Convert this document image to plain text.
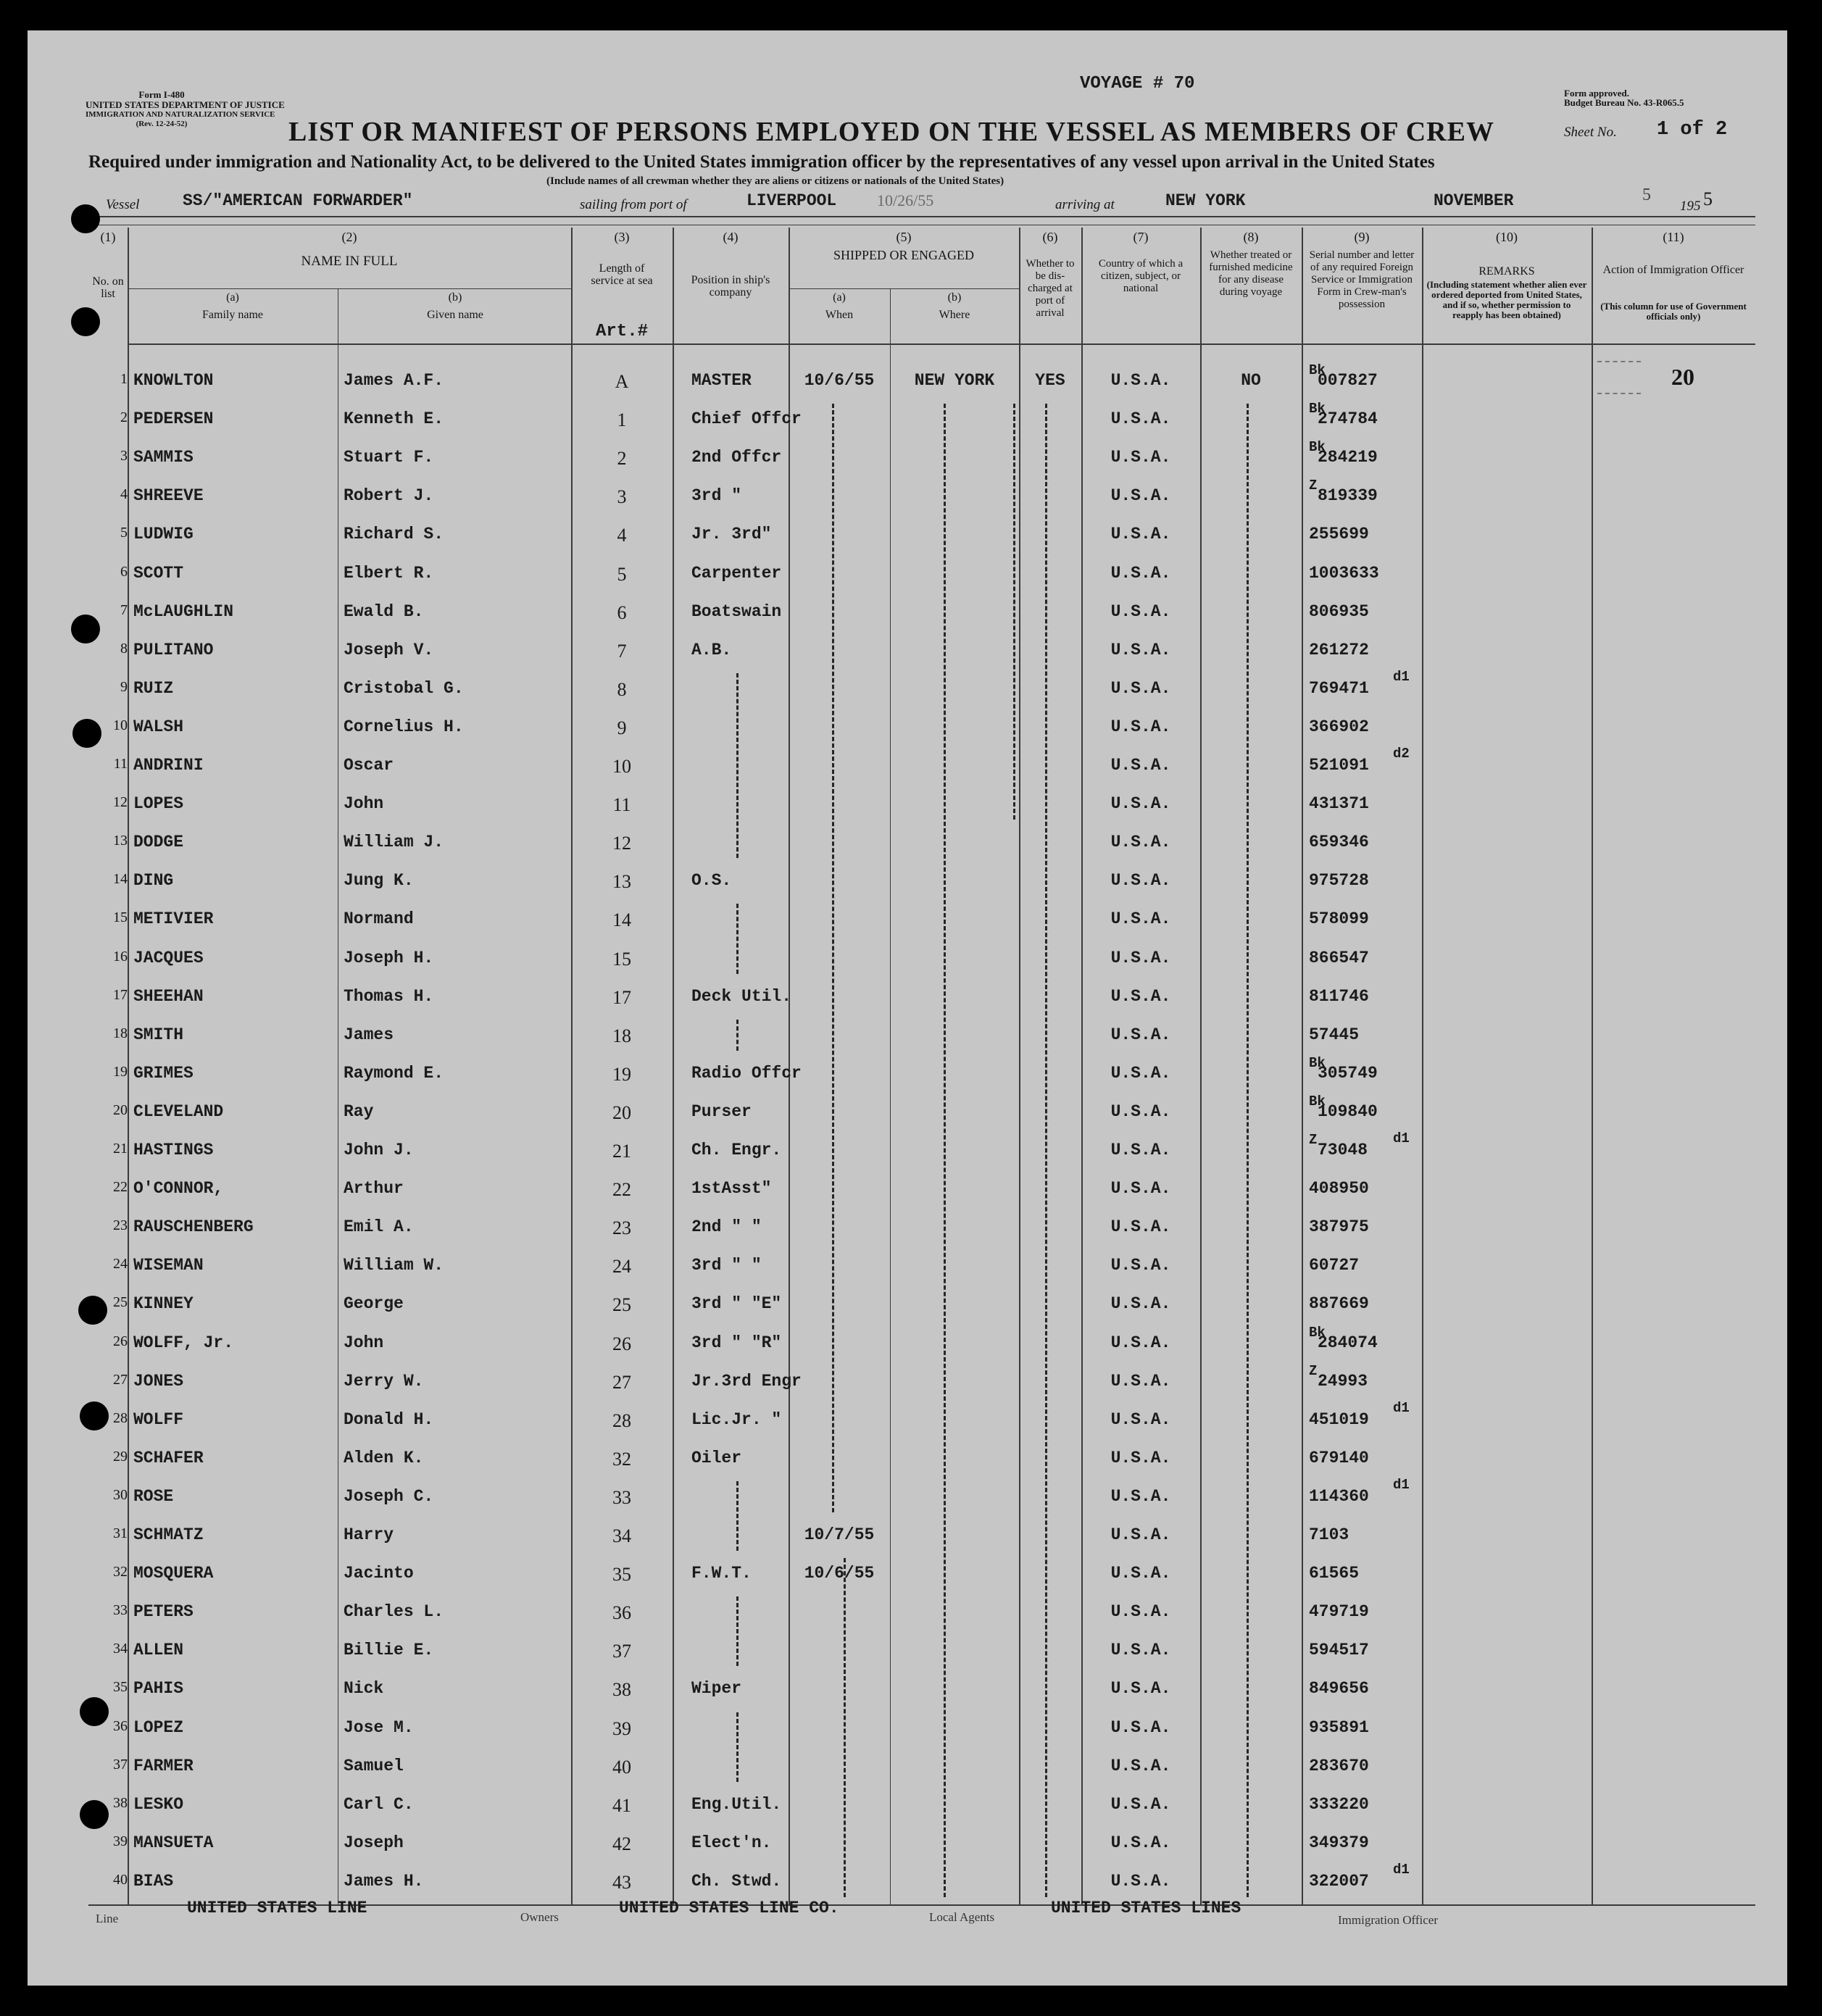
Form I-480
UNITED STATES DEPARTMENT OF JUSTICE
IMMIGRATION AND NATURALIZATION SERVICE
(Rev. 12-24-52)
VOYAGE # 70	Form approved.
Budget Bureau No. 43-R065.5
Sheet No. 1 of 2
LIST OR MANIFEST OF PERSONS EMPLOYED ON THE VESSEL AS MEMBERS OF CREW
Required under immigration and Nationality Act, to be delivered to the United States immigration officer by the representatives of any vessel upon arrival in the United States
(Include names of all crewman whether they are aliens or citizens or nationals of the United States)
Vessel	SS/"AMERICAN FORWARDER"	sailing from port of	LIVERPOOL	10/26/55	arriving at	NEW YORK	NOVEMBER	5
195 5
(1)
No. on list
(2)
NAME IN FULL
(a)
Family name
(b)
Given name
(3)
Length of service at sea
Art.#
(4)
Position in ship's company
(5)
SHIPPED OR ENGAGED
(a)
When
(b)
Where
(6)
Whether to be dis-charged at port of arrival
(7)
Country of which a citizen, subject, or national
(8)
Whether treated or furnished medicine for any disease during voyage
(9)
Serial number and letter of any required Foreign Service or Immigration Form in Crew-man's possession
(10)
REMARKS
(Including statement whether alien ever ordered deported from United States, and if so, whether permission to reapply has been obtained)
(11)
Action of Immigration Officer
(This column for use of Government officials only)
20
1 KNOWLTON	James A.F.	A	MASTER	10/6/55	NEW YORK	YES	U.S.A.	NO	007827
Bk
2 PEDERSEN	Kenneth E.	1	Chief Offcr	U.S.A.	274784
Bk
3 SAMMIS	Stuart F.	2	2nd Offcr	U.S.A.	284219
Bk
4 SHREEVE	Robert J.	3	3rd "	U.S.A.	819339
Z
5 LUDWIG	Richard S.	4	Jr. 3rd"	U.S.A.	255699
6 SCOTT	Elbert R.	5	Carpenter	U.S.A.	1003633
7 McLAUGHLIN	Ewald B.	6	Boatswain	U.S.A.	806935
8 PULITANO	Joseph V.	7	A.B.	U.S.A.	261272
9 RUIZ	Cristobal G.	8	U.S.A.	769471
d1
10 WALSH	Cornelius H.	9	U.S.A.	366902
11 ANDRINI	Oscar	10	U.S.A.	521091
d2
12 LOPES	John	11	U.S.A.	431371
13 DODGE	William J.	12	U.S.A.	659346
14 DING	Jung K.	13	O.S.	U.S.A.	975728
15 METIVIER	Normand	14	U.S.A.	578099
16 JACQUES	Joseph H.	15	U.S.A.	866547
17 SHEEHAN	Thomas H.	17	Deck Util.	U.S.A.	811746
18 SMITH	James	18	U.S.A.	57445
19 GRIMES	Raymond E.	19	Radio Offcr	U.S.A.	305749
Bk
20 CLEVELAND	Ray	20	Purser	U.S.A.	109840
Bk
21 HASTINGS	John J.	21	Ch. Engr.	U.S.A.	73048
Z	d1
22 O'CONNOR,	Arthur	22	1stAsst"	U.S.A.	408950
23 RAUSCHENBERG	Emil A.	23	2nd " "	U.S.A.	387975
24 WISEMAN	William W.	24	3rd " "	U.S.A.	60727
25 KINNEY	George	25	3rd " "E"	U.S.A.	887669
26 WOLFF, Jr.	John	26	3rd " "R"	U.S.A.	284074
Bk
27 JONES	Jerry W.	27	Jr.3rd Engr	U.S.A.	24993
Z
28 WOLFF	Donald H.	28	Lic.Jr. "	U.S.A.	451019
d1
29 SCHAFER	Alden K.	32	Oiler	U.S.A.	679140
30 ROSE	Joseph C.	33	U.S.A.	114360
d1
31 SCHMATZ	Harry	34	10/7/55	U.S.A.	7103
32 MOSQUERA	Jacinto	35	F.W.T.	10/6/55	U.S.A.	61565
33 PETERS	Charles L.	36	U.S.A.	479719
34 ALLEN	Billie E.	37	U.S.A.	594517
35 PAHIS	Nick	38	Wiper	U.S.A.	849656
36 LOPEZ	Jose M.	39	U.S.A.	935891
37 FARMER	Samuel	40	U.S.A.	283670
38 LESKO	Carl C.	41	Eng.Util.	U.S.A.	333220
39 MANSUETA	Joseph	42	Elect'n.	U.S.A.	349379
40 BIAS	James H.	43	Ch. Stwd.	U.S.A.	322007
d1
Line
UNITED STATES LINE	Owners	UNITED STATES LINE CO.	Local Agents	UNITED STATES LINES
Immigration Officer
